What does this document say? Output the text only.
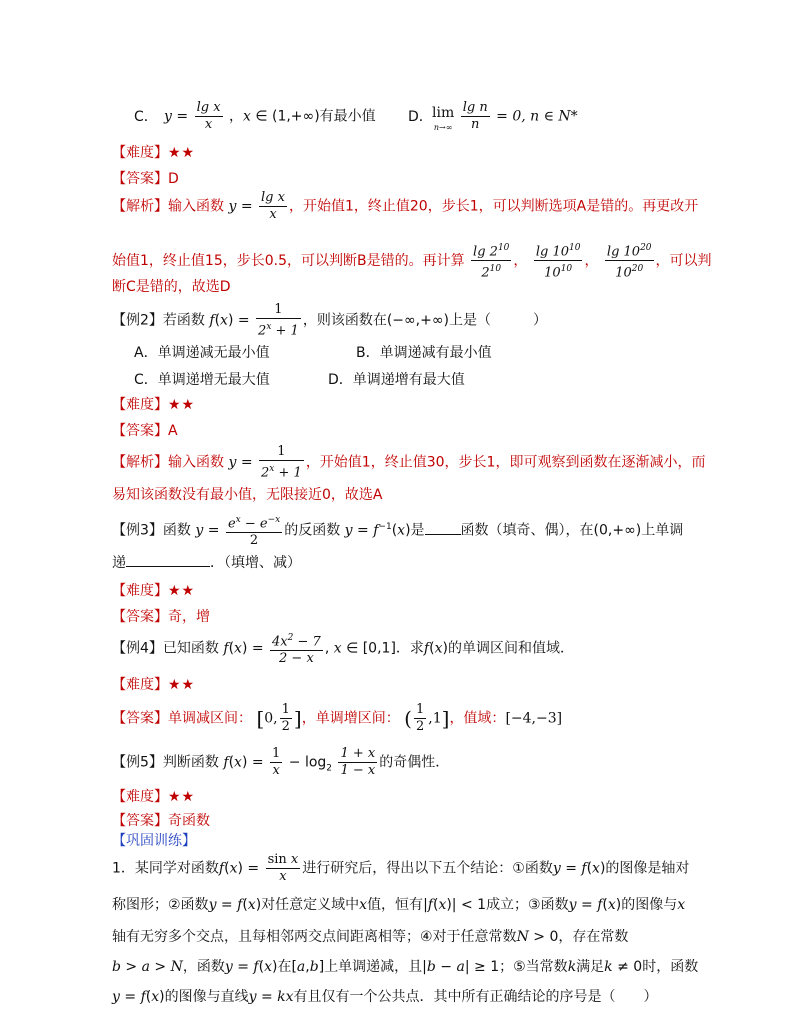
C． $y = \frac{\text{lg x}}{x}$ ，x ∈ (1,+∞)有最小值 D． lim

n→∞
$\frac{\text{lg n}}{n} = 0$, n ∈ N*
【难度】★★
【答案】D
【解析】输入函数 $y = \frac{\text{lg x}}{x}$ ，开始值1，终止值20，步长1，可以判断选项A是错的。再更改开
始值1，终止值15，步长0.5，可以判断B是错的。再计算 $\frac{\lg 2^{10}}{2^{10}}$ ， $\frac{\lg 10^{10}}{10^{10}}$ ， $\frac{\lg 10^{20}}{10^{20}}$ ，可以判
断C是错的，故选D
【例2】若函数 $f(x) = \frac{1}{2^x + 1}$ ，则该函数在(−∞,+∞)上是（　　　）
A．单调递减无最小值	B．单调递减有最小值
C．单调递增无最大值	D．单调递增有最大值
【难度】★★
【答案】A
【解析】输入函数 $y = \frac{1}{2^x + 1}$ ，开始值1，终止值30，步长1，即可观察到函数在逐渐减小，而
易知该函数没有最小值，无限接近0，故选A
【例3】函数 $y = \frac{e^x - e^{-x}}{2}$ 的反函数 $y = f^{-1}(x)$是	函数（填奇、偶），在(0,+∞)上单调
递	．（填增、减）
【难度】★★
【答案】奇，增
【例4】已知函数 $f(x) = \frac{4x^2 - 7}{2 - x}$ , x ∈ [0,1]．求f(x)的单调区间和值域．
【难度】★★
【答案】单调减区间： [0, $\frac{1}{2}$ ]，单调增区间： ( $\frac{1}{2} ,1$]，值域：[−4,−3]
【例5】判断函数 $f(x) = \frac{1}{x} - \log_2 \frac{1 + x}{1 - x}$ 的奇偶性．
【难度】★★
【答案】奇函数
【巩固训练】
1．某同学对函数$f(x) = \frac{\text{sin x}}{x}$ 进行研究后，得出以下五个结论：①函数y = f(x)的图像是轴对
称图形；②函数y = f(x)对任意定义域中x值，恒有|f(x)| < 1成立；③函数y = f(x)的图像与x
轴有无穷多个交点，且每相邻两交点间距离相等；④对于任意常数N > 0，存在常数
b > a > N，函数y = f(x)在[a,b]上单调递减，且|b − a| ≥ 1；⑤当常数k满足k ≠ 0时，函数
y = f(x)的图像与直线y = kx有且仅有一个公共点．其中所有正确结论的序号是（　　）
